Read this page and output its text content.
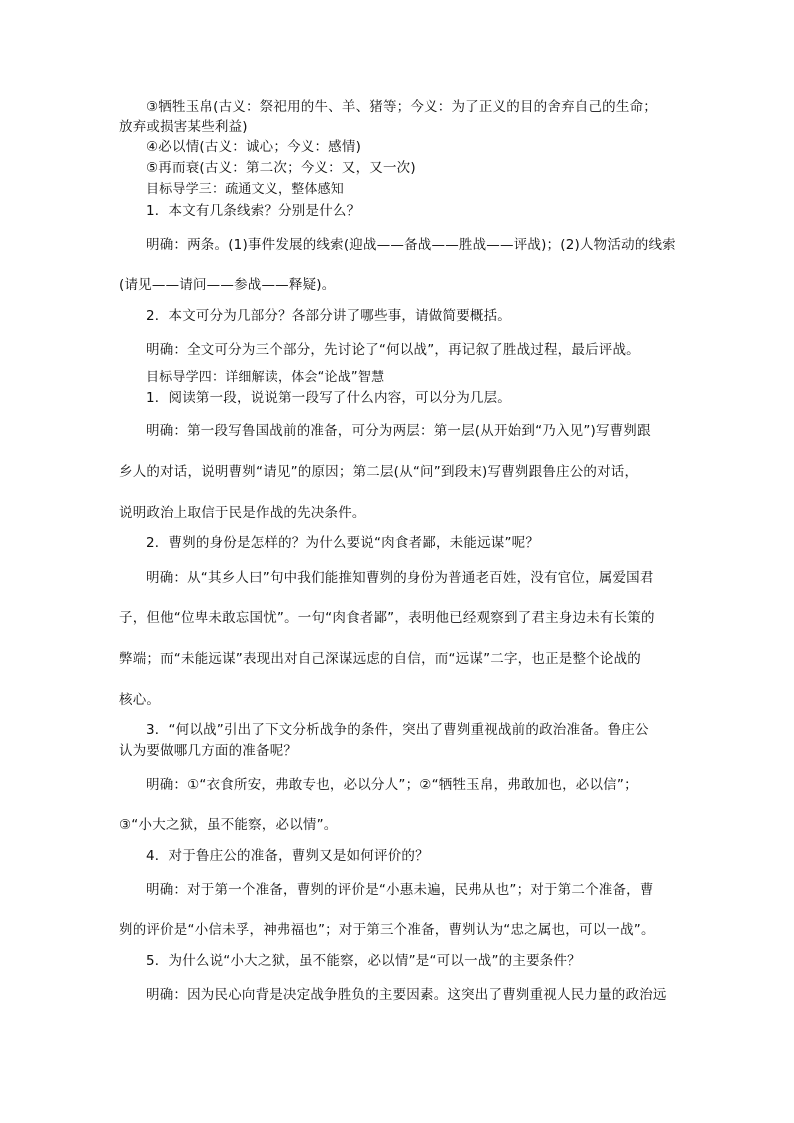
③牺牲玉帛(古义：祭祀用的牛、羊、猪等；今义：为了正义的目的舍弃自己的生命；
放弃或损害某些利益)
④必以情(古义：诚心；今义：感情)
⑤再而衰(古义：第二次；今义：又，又一次)
目标导学三：疏通文义，整体感知
1．本文有几条线索？分别是什么？
明确：两条。(1)事件发展的线索(迎战——备战——胜战——评战)；(2)人物活动的线索
(请见——请问——参战——释疑)。
2．本文可分为几部分？各部分讲了哪些事，请做简要概括。
明确：全文可分为三个部分，先讨论了“何以战”，再记叙了胜战过程，最后评战。
目标导学四：详细解读，体会“论战”智慧
1．阅读第一段，说说第一段写了什么内容，可以分为几层。
明确：第一段写鲁国战前的准备，可分为两层：第一层(从开始到“乃入见”)写曹刿跟
乡人的对话，说明曹刿“请见”的原因；第二层(从“问”到段末)写曹刿跟鲁庄公的对话，
说明政治上取信于民是作战的先决条件。
2．曹刿的身份是怎样的？为什么要说“肉食者鄙，未能远谋”呢？
明确：从“其乡人曰”句中我们能推知曹刿的身份为普通老百姓，没有官位，属爱国君
子，但他“位卑未敢忘国忧”。一句“肉食者鄙”，表明他已经观察到了君主身边未有长策的
弊端；而“未能远谋”表现出对自己深谋远虑的自信，而“远谋”二字，也正是整个论战的
核心。
3．“何以战”引出了下文分析战争的条件，突出了曹刿重视战前的政治准备。鲁庄公
认为要做哪几方面的准备呢？
明确：①“衣食所安，弗敢专也，必以分人”；②“牺牲玉帛，弗敢加也，必以信”；
③“小大之狱，虽不能察，必以情”。
4．对于鲁庄公的准备，曹刿又是如何评价的？
明确：对于第一个准备，曹刿的评价是“小惠未遍，民弗从也”；对于第二个准备，曹
刿的评价是“小信未孚，神弗福也”；对于第三个准备，曹刿认为“忠之属也，可以一战”。
5．为什么说“小大之狱，虽不能察，必以情”是“可以一战”的主要条件？
明确：因为民心向背是决定战争胜负的主要因素。这突出了曹刿重视人民力量的政治远
